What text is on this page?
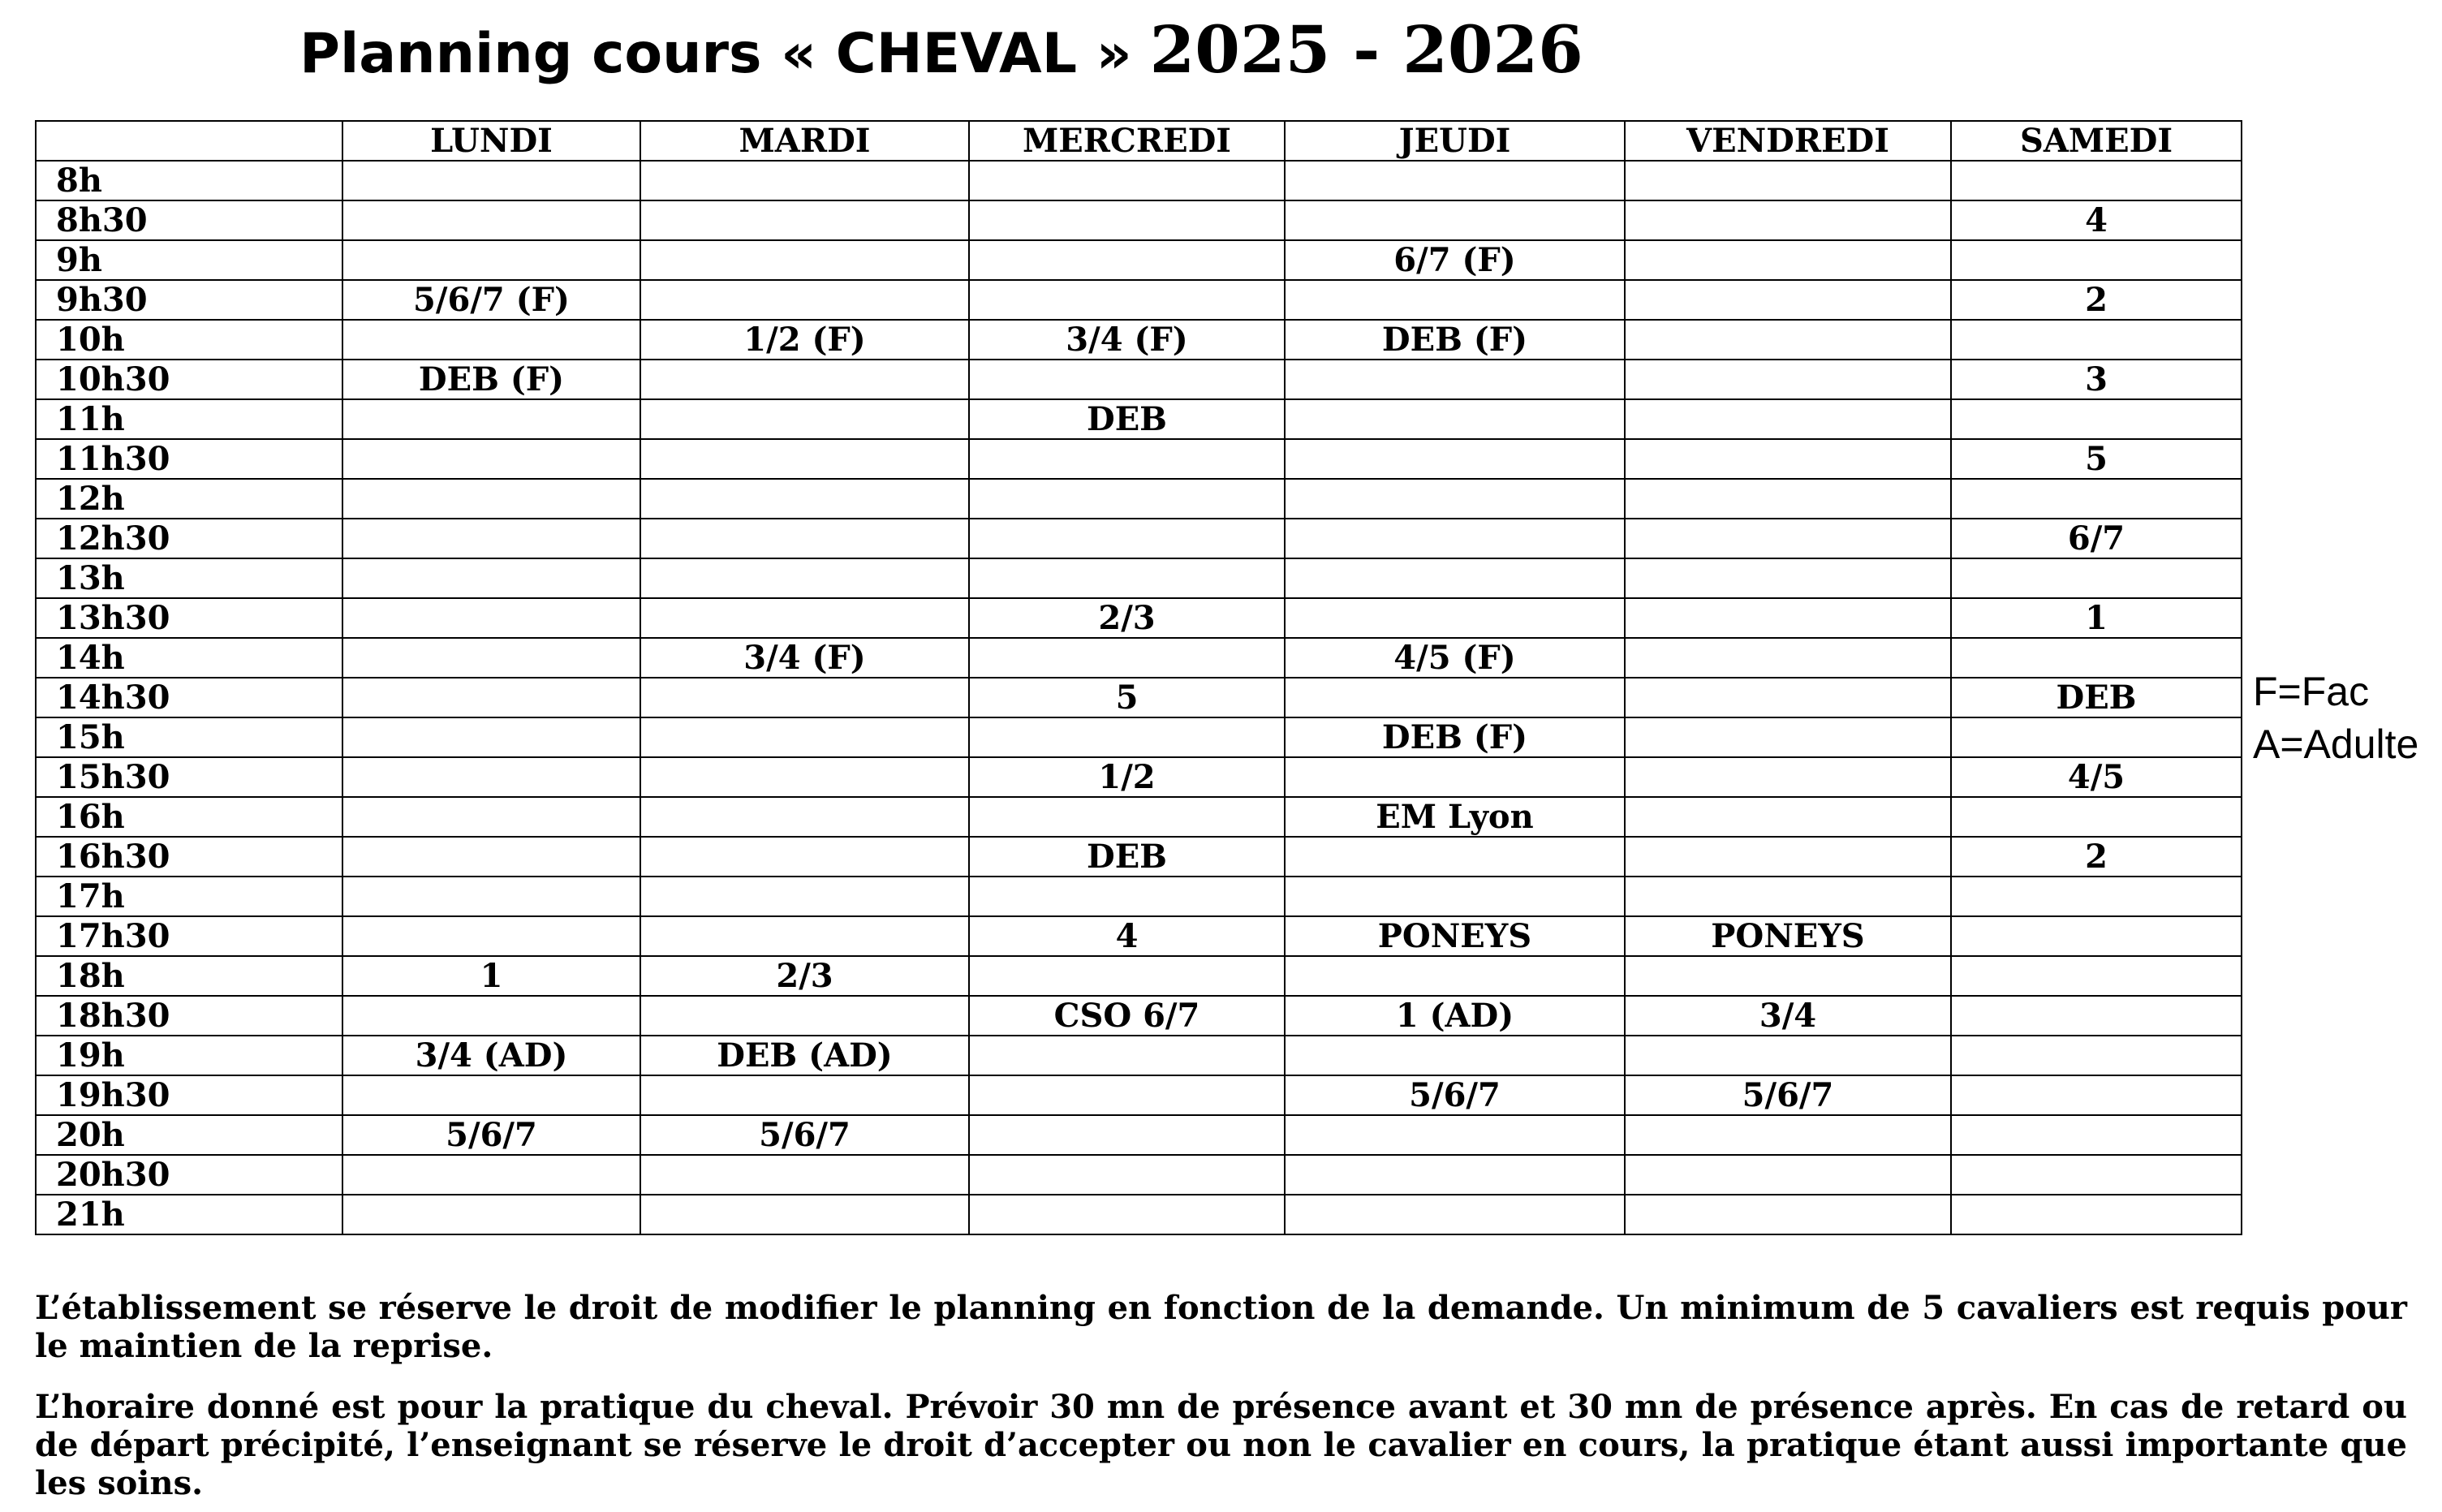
Planning cours « CHEVAL » 2025 - 2026
	LUNDI	MARDI	MERCREDI	JEUDI	VENDREDI	SAMEDI
8h						
8h30						4
9h				6/7 (F)		
9h30	5/6/7 (F)					2
10h		1/2 (F)	3/4 (F)	DEB (F)		
10h30	DEB (F)					3
11h			DEB			
11h30						5
12h						
12h30						6/7
13h						
13h30			2/3			1
14h		3/4 (F)		4/5 (F)		
14h30			5			DEB
15h				DEB (F)		
15h30			1/2			4/5
16h				EM Lyon		
16h30			DEB			2
17h						
17h30			4	PONEYS	PONEYS	
18h	1	2/3				
18h30			CSO 6/7	1 (AD)	3/4	
19h	3/4 (AD)	DEB (AD)				
19h30				5/6/7	5/6/7	
20h	5/6/7	5/6/7				
20h30						
21h						
F=Fac
A=Adulte

L’établissement se réserve le droit de modifier le planning en fonction de la demande. Un minimum de 5 cavaliers est requis pour le maintien de la reprise.

L’horaire donné est pour la pratique du cheval. Prévoir 30 mn de présence avant et 30 mn de présence après. En cas de retard ou de départ précipité, l’enseignant se réserve le droit d’accepter ou non le cavalier en cours, la pratique étant aussi importante que les soins.
